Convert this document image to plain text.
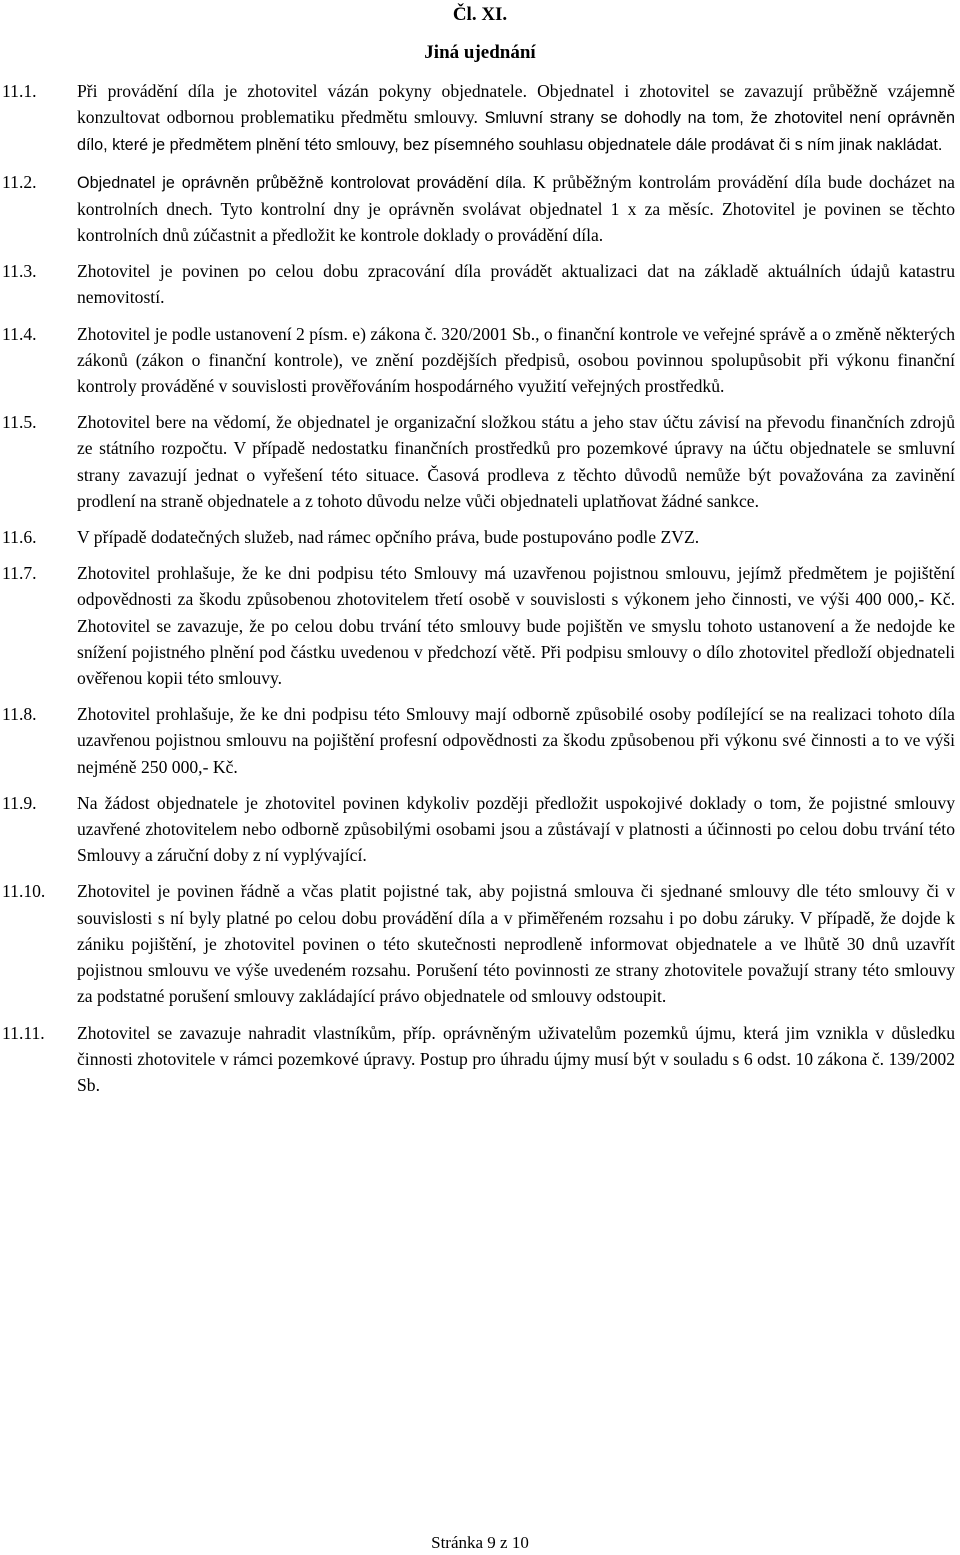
Čl. XI.
Jiná ujednání
11.1. Při provádění díla je zhotovitel vázán pokyny objednatele. Objednatel i zhotovitel se zavazují průběžně vzájemně konzultovat odbornou problematiku předmětu smlouvy. Smluvní strany se dohodly na tom, že zhotovitel není oprávněn dílo, které je předmětem plnění této smlouvy, bez písemného souhlasu objednatele dále prodávat či s ním jinak nakládat.
11.2. Objednatel je oprávněn průběžně kontrolovat provádění díla. K průběžným kontrolám provádění díla bude docházet na kontrolních dnech. Tyto kontrolní dny je oprávněn svolávat objednatel 1 x za měsíc. Zhotovitel je povinen se těchto kontrolních dnů zúčastnit a předložit ke kontrole doklady o provádění díla.
11.3. Zhotovitel je povinen po celou dobu zpracování díla provádět aktualizaci dat na základě aktuálních údajů katastru nemovitostí.
11.4. Zhotovitel je podle ustanovení 2 písm. e) zákona č. 320/2001 Sb., o finanční kontrole ve veřejné správě a o změně některých zákonů (zákon o finanční kontrole), ve znění pozdějších předpisů, osobou povinnou spolupůsobit při výkonu finanční kontroly prováděné v souvislosti prověřováním hospodárného využití veřejných prostředků.
11.5. Zhotovitel bere na vědomí, že objednatel je organizační složkou státu a jeho stav účtu závisí na převodu finančních zdrojů ze státního rozpočtu. V případě nedostatku finančních prostředků pro pozemkové úpravy na účtu objednatele se smluvní strany zavazují jednat o vyřešení této situace. Časová prodleva z těchto důvodů nemůže být považována za zavinění prodlení na straně objednatele a z tohoto důvodu nelze vůči objednateli uplatňovat žádné sankce.
11.6. V případě dodatečných služeb, nad rámec opčního práva, bude postupováno podle ZVZ.
11.7. Zhotovitel prohlašuje, že ke dni podpisu této Smlouvy má uzavřenou pojistnou smlouvu, jejímž předmětem je pojištění odpovědnosti za škodu způsobenou zhotovitelem třetí osobě v souvislosti s výkonem jeho činnosti, ve výši 400 000,- Kč. Zhotovitel se zavazuje, že po celou dobu trvání této smlouvy bude pojištěn ve smyslu tohoto ustanovení a že nedojde ke snížení pojistného plnění pod částku uvedenou v předchozí větě. Při podpisu smlouvy o dílo zhotovitel předloží objednateli ověřenou kopii této smlouvy.
11.8. Zhotovitel prohlašuje, že ke dni podpisu této Smlouvy mají odborně způsobilé osoby podílející se na realizaci tohoto díla uzavřenou pojistnou smlouvu na pojištění profesní odpovědnosti za škodu způsobenou při výkonu své činnosti a to ve výši nejméně 250 000,- Kč.
11.9. Na žádost objednatele je zhotovitel povinen kdykoliv později předložit uspokojivé doklady o tom, že pojistné smlouvy uzavřené zhotovitelem nebo odborně způsobilými osobami jsou a zůstávají v platnosti a účinnosti po celou dobu trvání této Smlouvy a záruční doby z ní vyplývající.
11.10. Zhotovitel je povinen řádně a včas platit pojistné tak, aby pojistná smlouva či sjednané smlouvy dle této smlouvy či v souvislosti s ní byly platné po celou dobu provádění díla a v přiměřeném rozsahu i po dobu záruky. V případě, že dojde k zániku pojištění, je zhotovitel povinen o této skutečnosti neprodleně informovat objednatele a ve lhůtě 30 dnů uzavřít pojistnou smlouvu ve výše uvedeném rozsahu. Porušení této povinnosti ze strany zhotovitele považují strany této smlouvy za podstatné porušení smlouvy zakládající právo objednatele od smlouvy odstoupit.
11.11. Zhotovitel se zavazuje nahradit vlastníkům, příp. oprávněným uživatelům pozemků újmu, která jim vznikla v důsledku činnosti zhotovitele v rámci pozemkové úpravy. Postup pro úhradu újmy musí být v souladu s 6 odst. 10 zákona č. 139/2002 Sb.
Stránka 9 z 10
